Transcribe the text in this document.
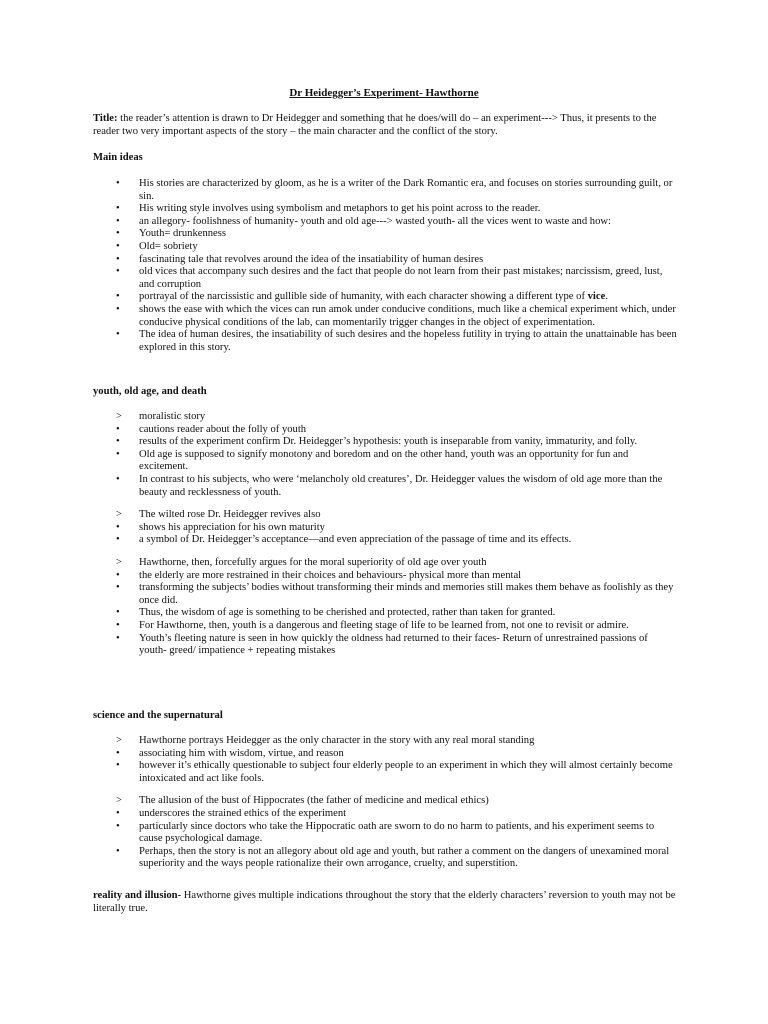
Dr Heidegger’s Experiment- Hawthorne
Title: the reader’s attention is drawn to Dr Heidegger and something that he does/will do – an experiment---> Thus, it presents to the reader two very important aspects of the story – the main character and the conflict of the story.
Main ideas
•	His stories are characterized by gloom, as he is a writer of the Dark Romantic era, and focuses on stories surrounding guilt, or sin.
•	His writing style involves using symbolism and metaphors to get his point across to the reader.
•	an allegory- foolishness of humanity- youth and old age---> wasted youth- all the vices went to waste and how:
•	Youth= drunkenness
•	Old= sobriety
•	fascinating tale that revolves around the idea of the insatiability of human desires
•	old vices that accompany such desires and the fact that people do not learn from their past mistakes; narcissism, greed, lust, and corruption
•	portrayal of the narcissistic and gullible side of humanity, with each character showing a different type of vice.
•	shows the ease with which the vices can run amok under conducive conditions, much like a chemical experiment which, under conducive physical conditions of the lab, can momentarily trigger changes in the object of experimentation.
•	The idea of human desires, the insatiability of such desires and the hopeless futility in trying to attain the unattainable has been explored in this story.
youth, old age, and death
>	moralistic story
•	cautions reader about the folly of youth
•	results of the experiment confirm Dr. Heidegger’s hypothesis: youth is inseparable from vanity, immaturity, and folly.
•	Old age is supposed to signify monotony and boredom and on the other hand, youth was an opportunity for fun and excitement.
•	In contrast to his subjects, who were ‘melancholy old creatures’, Dr. Heidegger values the wisdom of old age more than the beauty and recklessness of youth.
>	The wilted rose Dr. Heidegger revives also
•	shows his appreciation for his own maturity
•	a symbol of Dr. Heidegger’s acceptance—and even appreciation of the passage of time and its effects.
>	Hawthorne, then, forcefully argues for the moral superiority of old age over youth
•	the elderly are more restrained in their choices and behaviours- physical more than mental
•	transforming the subjects’ bodies without transforming their minds and memories still makes them behave as foolishly as they once did.
•	Thus, the wisdom of age is something to be cherished and protected, rather than taken for granted.
•	For Hawthorne, then, youth is a dangerous and fleeting stage of life to be learned from, not one to revisit or admire.
•	Youth’s fleeting nature is seen in how quickly the oldness had returned to their faces- Return of unrestrained passions of youth- greed/ impatience + repeating mistakes
science and the supernatural
>	Hawthorne portrays Heidegger as the only character in the story with any real moral standing
•	associating him with wisdom, virtue, and reason
•	however it’s ethically questionable to subject four elderly people to an experiment in which they will almost certainly become intoxicated and act like fools.
>	The allusion of the bust of Hippocrates (the father of medicine and medical ethics)
•	underscores the strained ethics of the experiment
•	particularly since doctors who take the Hippocratic oath are sworn to do no harm to patients, and his experiment seems to cause psychological damage.
•	Perhaps, then the story is not an allegory about old age and youth, but rather a comment on the dangers of unexamined moral superiority and the ways people rationalize their own arrogance, cruelty, and superstition.
reality and illusion- Hawthorne gives multiple indications throughout the story that the elderly characters’ reversion to youth may not be literally true.
